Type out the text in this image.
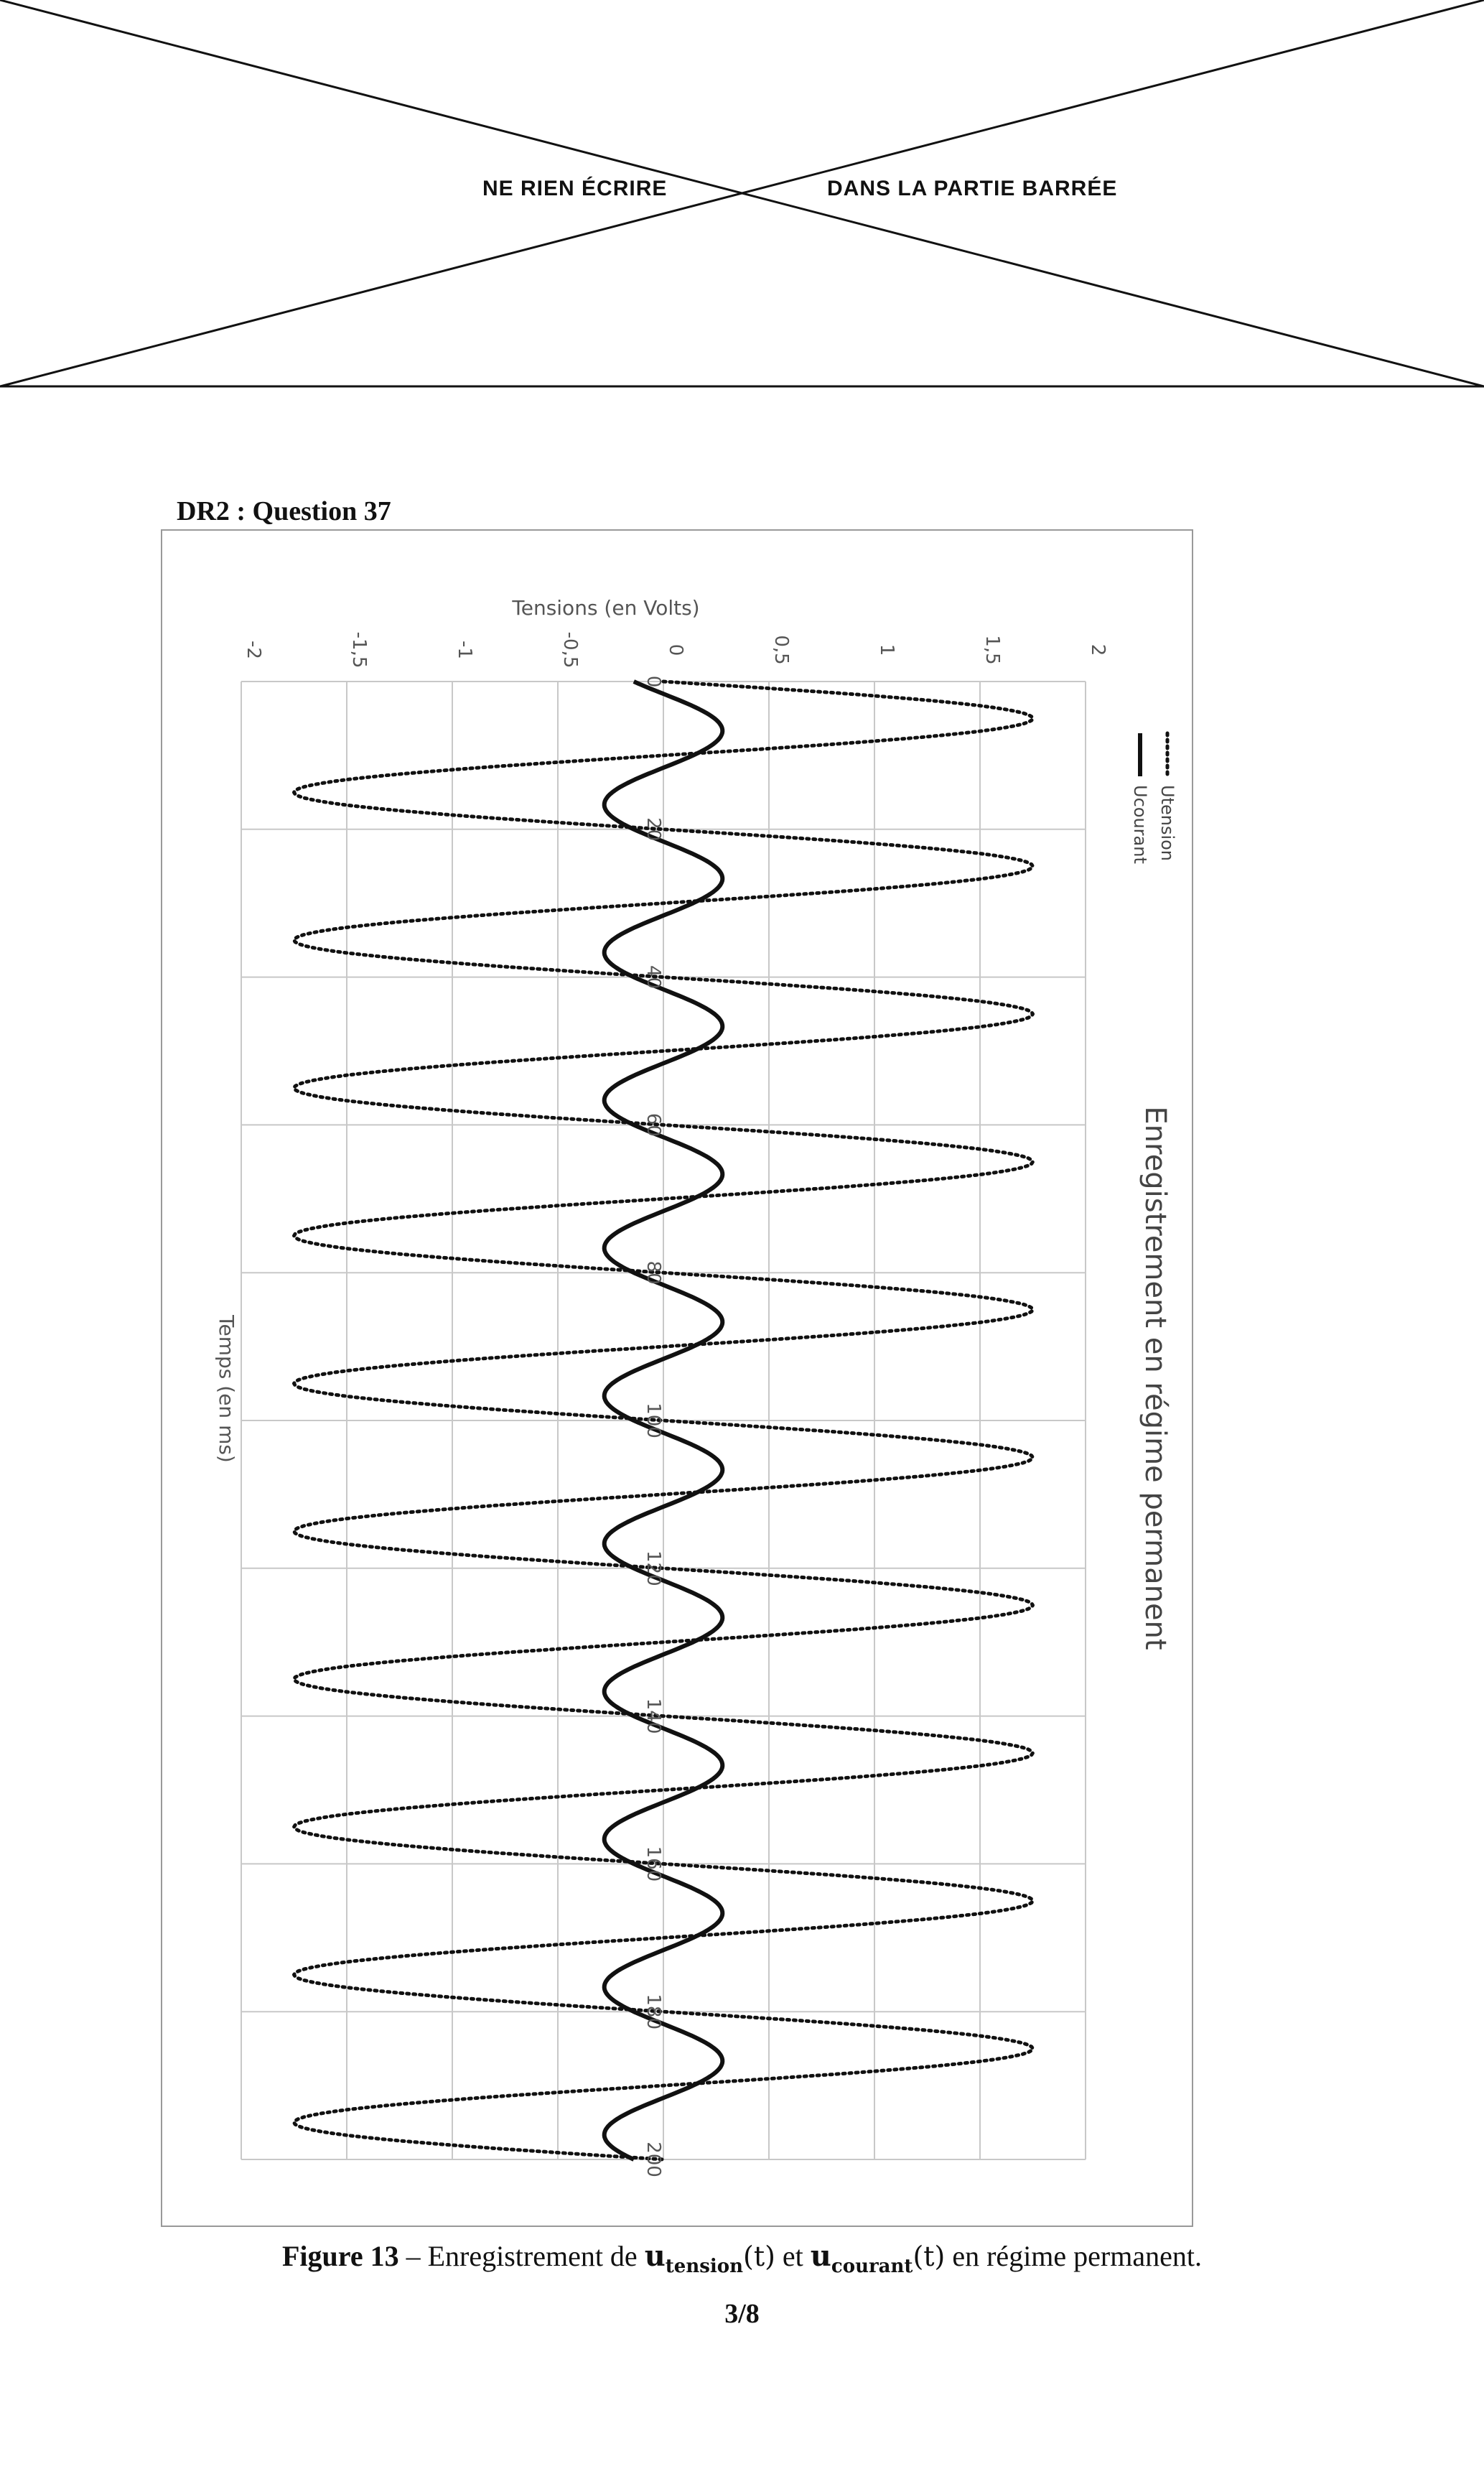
NE RIEN ÉCRIRE	DANS LA PARTIE BARRÉE
DR2 : Question 37
-2	-1,5	-1	-0,5	0	0,5	1	1,5	2
0
20
40
60
80
100
120
140
160
180
200
Enregistrement en régime permanent
Tensions (en Volts)
Temps (en ms)
Utension
Ucourant
Figure 13 – Enregistrement de $u_{tension}(t)$ et $u_{courant}(t)$ en régime permanent.
3/8
